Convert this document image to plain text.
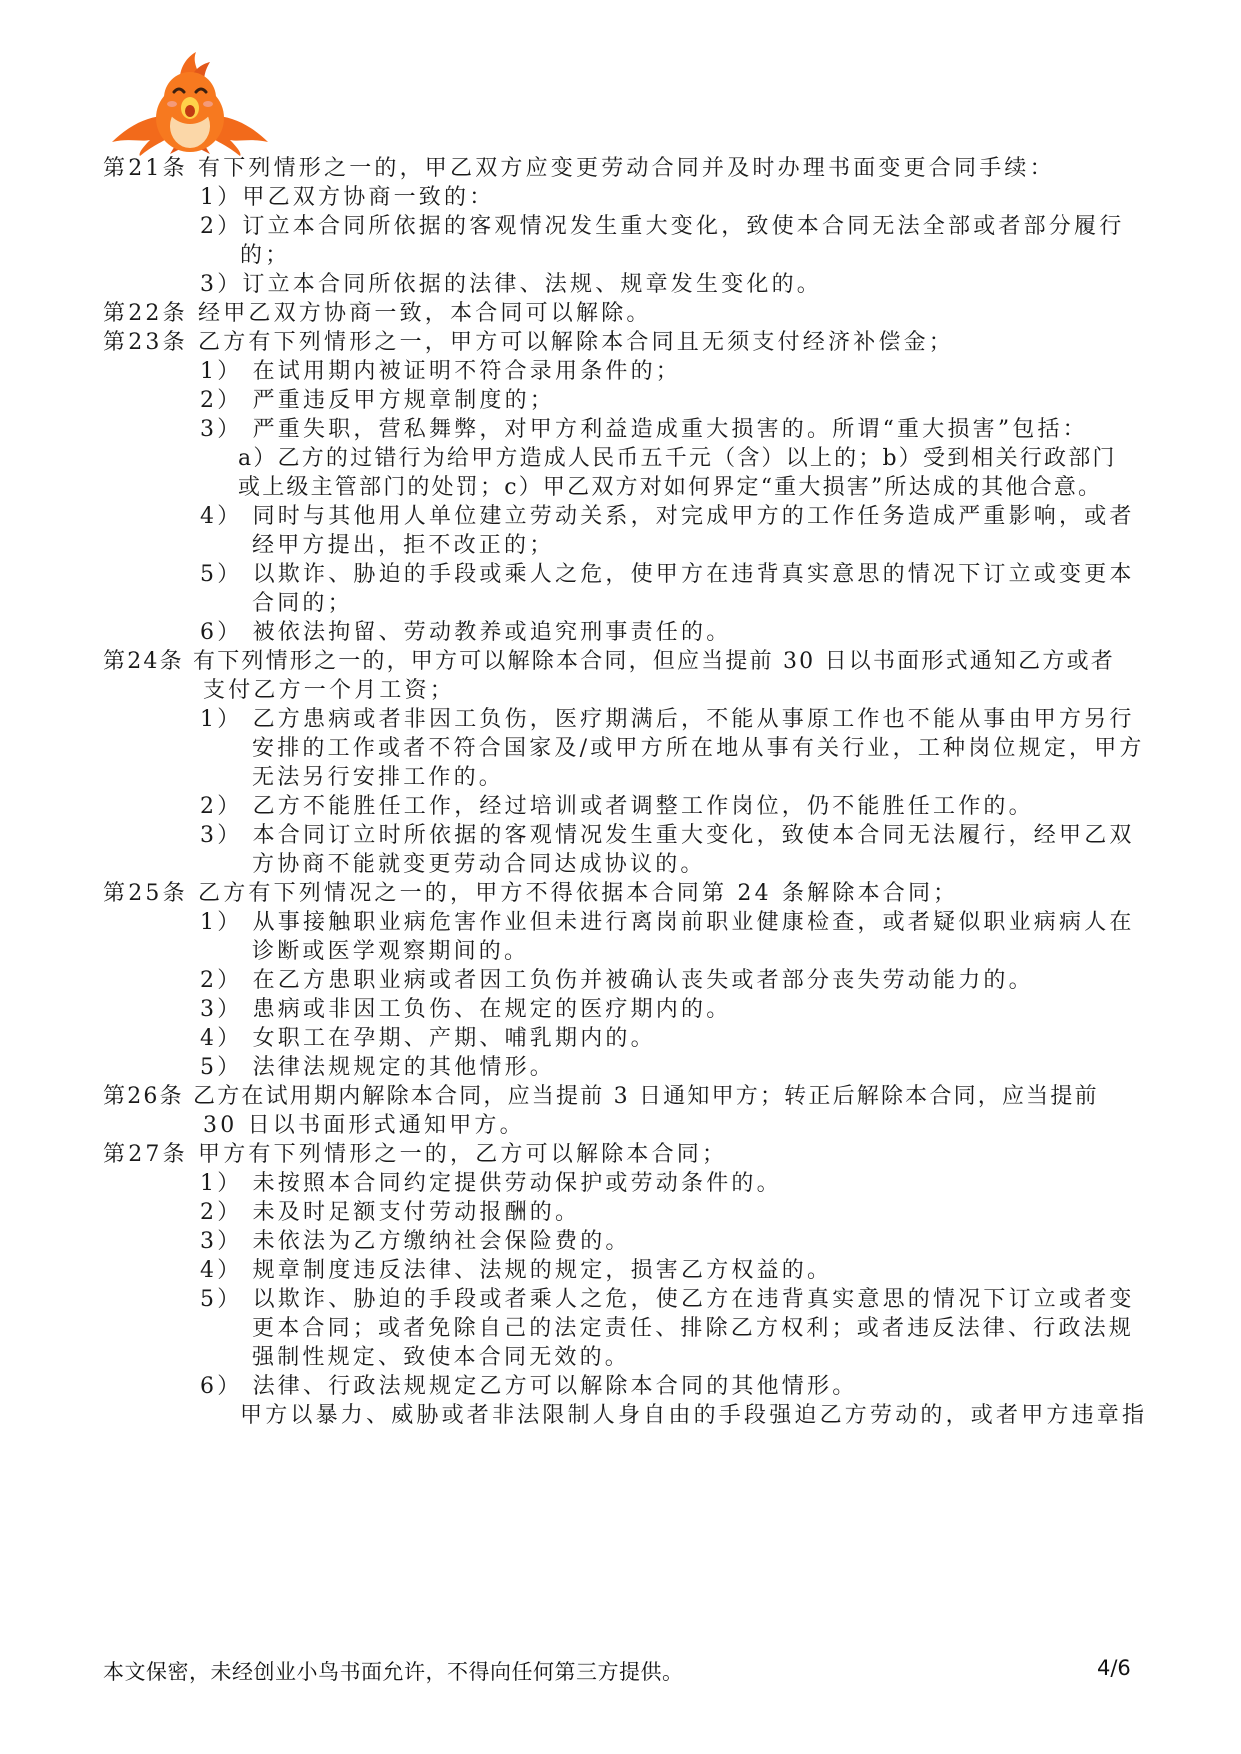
第21条 有下列情形之一的，甲乙双方应变更劳动合同并及时办理书面变更合同手续：
1）甲乙双方协商一致的：
2）订立本合同所依据的客观情况发生重大变化，致使本合同无法全部或者部分履行
的；
3）订立本合同所依据的法律、法规、规章发生变化的。
第22条 经甲乙双方协商一致，本合同可以解除。
第23条 乙方有下列情形之一，甲方可以解除本合同且无须支付经济补偿金；
1） 在试用期内被证明不符合录用条件的；
2） 严重违反甲方规章制度的；
3） 严重失职，营私舞弊，对甲方利益造成重大损害的。所谓“重大损害”包括：
a）乙方的过错行为给甲方造成人民币五千元（含）以上的；b）受到相关行政部门
或上级主管部门的处罚；c）甲乙双方对如何界定“重大损害”所达成的其他合意。
4） 同时与其他用人单位建立劳动关系，对完成甲方的工作任务造成严重影响，或者
经甲方提出，拒不改正的；
5） 以欺诈、胁迫的手段或乘人之危，使甲方在违背真实意思的情况下订立或变更本
合同的；
6） 被依法拘留、劳动教养或追究刑事责任的。
第24条 有下列情形之一的，甲方可以解除本合同，但应当提前 30 日以书面形式通知乙方或者
支付乙方一个月工资；
1） 乙方患病或者非因工负伤，医疗期满后，不能从事原工作也不能从事由甲方另行
安排的工作或者不符合国家及/或甲方所在地从事有关行业，工种岗位规定，甲方
无法另行安排工作的。
2） 乙方不能胜任工作，经过培训或者调整工作岗位，仍不能胜任工作的。
3） 本合同订立时所依据的客观情况发生重大变化，致使本合同无法履行，经甲乙双
方协商不能就变更劳动合同达成协议的。
第25条 乙方有下列情况之一的，甲方不得依据本合同第 24 条解除本合同；
1） 从事接触职业病危害作业但未进行离岗前职业健康检查，或者疑似职业病病人在
诊断或医学观察期间的。
2） 在乙方患职业病或者因工负伤并被确认丧失或者部分丧失劳动能力的。
3） 患病或非因工负伤、在规定的医疗期内的。
4） 女职工在孕期、产期、哺乳期内的。
5） 法律法规规定的其他情形。
第26条 乙方在试用期内解除本合同，应当提前 3 日通知甲方；转正后解除本合同，应当提前
30 日以书面形式通知甲方。
第27条 甲方有下列情形之一的，乙方可以解除本合同；
1） 未按照本合同约定提供劳动保护或劳动条件的。
2） 未及时足额支付劳动报酬的。
3） 未依法为乙方缴纳社会保险费的。
4） 规章制度违反法律、法规的规定，损害乙方权益的。
5） 以欺诈、胁迫的手段或者乘人之危，使乙方在违背真实意思的情况下订立或者变
更本合同；或者免除自己的法定责任、排除乙方权利；或者违反法律、行政法规
强制性规定、致使本合同无效的。
6） 法律、行政法规规定乙方可以解除本合同的其他情形。
甲方以暴力、威胁或者非法限制人身自由的手段强迫乙方劳动的，或者甲方违章指
本文保密，未经创业小鸟书面允许，不得向任何第三方提供。	4/6
